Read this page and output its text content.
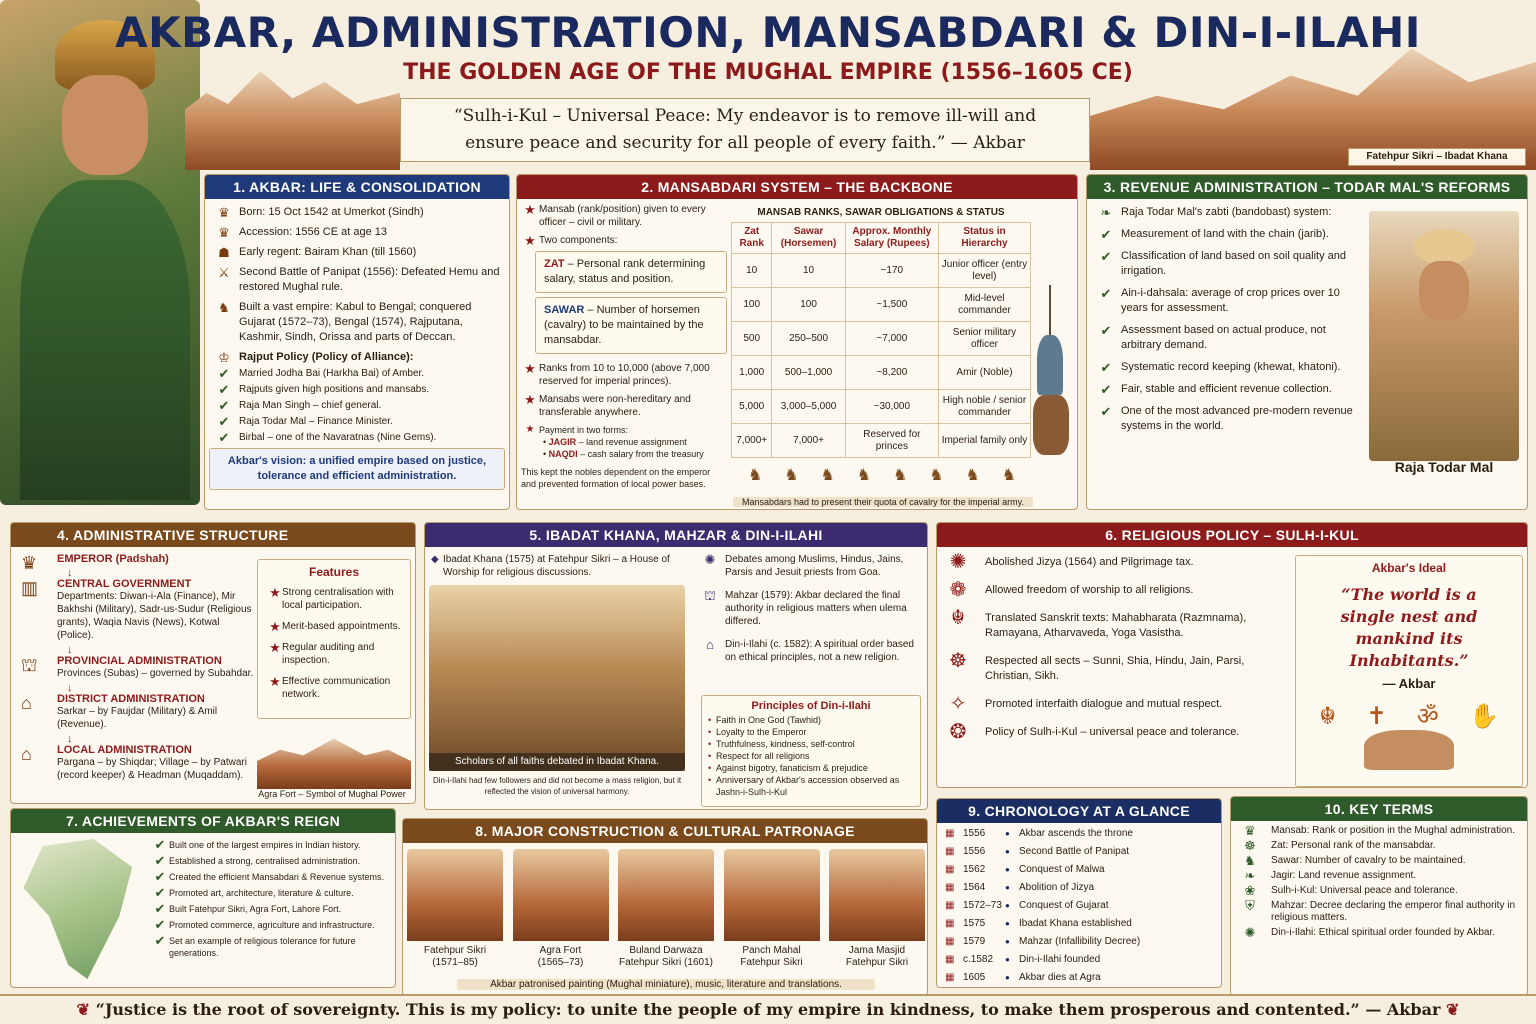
Fatehpur Sikri – Ibadat Khana
AKBAR, ADMINISTRATION, MANSABDARI & DIN-I-ILAHI
THE GOLDEN AGE OF THE MUGHAL EMPIRE (1556–1605 CE)
“Sulh-i-Kul – Universal Peace: My endeavor is to remove ill-will and
ensure peace and security for all people of every faith.” — Akbar
1. AKBAR: LIFE & CONSOLIDATION
♛ Born: 15 Oct 1542 at Umerkot (Sindh)
♛ Accession: 1556 CE at age 13
☗ Early regent: Bairam Khan (till 1560)
⚔ Second Battle of Panipat (1556): Defeated Hemu and restored Mughal rule.
♞ Built a vast empire: Kabul to Bengal; conquered Gujarat (1572–73), Bengal (1574), Rajputana, Kashmir, Sindh, Orissa and parts of Deccan.
♔ Rajput Policy (Policy of Alliance):
✔ Married Jodha Bai (Harkha Bai) of Amber.
✔ Rajputs given high positions and mansabs.
✔ Raja Man Singh – chief general.
✔ Raja Todar Mal – Finance Minister.
✔ Birbal – one of the Navaratnas (Nine Gems).
Akbar's vision: a unified empire based on justice, tolerance and efficient administration.
2. MANSABDARI SYSTEM – THE BACKBONE
★ Mansab (rank/position) given to every officer – civil or military.
★ Two components:
ZAT – Personal rank determining salary, status and position.
SAWAR – Number of horsemen (cavalry) to be maintained by the mansabdar.
★ Ranks from 10 to 10,000 (above 7,000 reserved for imperial princes).
★ Mansabs were non-hereditary and transferable anywhere.
★ Payment in two forms:
• JAGIR – land revenue assignment
• NAQDI – cash salary from the treasury
This kept the nobles dependent on the emperor and prevented formation of local power bases.
MANSAB RANKS, SAWAR OBLIGATIONS & STATUS
Zat Rank	Sawar (Horsemen)	Approx. Monthly Salary (Rupees)	Status in Hierarchy
10	10	~170	Junior officer (entry level)
100	100	~1,500	Mid-level commander
500	250–500	~7,000	Senior military officer
1,000	500–1,000	~8,200	Amir (Noble)
5,000	3,000–5,000	~30,000	High noble / senior commander
7,000+	7,000+	Reserved for princes	Imperial family only
♞ ♞ ♞ ♞ ♞ ♞ ♞ ♞
Mansabdars had to present their quota of cavalry for the imperial army.
3. REVENUE ADMINISTRATION – TODAR MAL'S REFORMS
❧ Raja Todar Mal's zabti (bandobast) system:
✔ Measurement of land with the chain (jarib).
✔ Classification of land based on soil quality and irrigation.
✔ Ain-i-dahsala: average of crop prices over 10 years for assessment.
✔ Assessment based on actual produce, not arbitrary demand.
✔ Systematic record keeping (khewat, khatoni).
✔ Fair, stable and efficient revenue collection.
✔ One of the most advanced pre-modern revenue systems in the world.
Raja Todar Mal
4. ADMINISTRATIVE STRUCTURE
♛ EMPEROR (Padshah)
↓
▥ CENTRAL GOVERNMENT
Departments: Diwan-i-Ala (Finance), Mir Bakhshi (Military), Sadr-us-Sudur (Religious grants), Waqia Navis (News), Kotwal (Police).
↓
⛫ PROVINCIAL ADMINISTRATION
Provinces (Subas) – governed by Subahdar.
↓
⌂ DISTRICT ADMINISTRATION
Sarkar – by Faujdar (Military) & Amil (Revenue).
↓
⌂ LOCAL ADMINISTRATION
Pargana – by Shiqdar; Village – by Patwari (record keeper) & Headman (Muqaddam).
Features
★ Strong centralisation with local participation.
★ Merit-based appointments.
★ Regular auditing and inspection.
★ Effective communication network.
Agra Fort – Symbol of Mughal Power
5. IBADAT KHANA, MAHZAR & DIN-I-ILAHI
◆ Ibadat Khana (1575) at Fatehpur Sikri – a House of Worship for religious discussions.
Scholars of all faiths debated in Ibadat Khana.
Din-i-Ilahi had few followers and did not become a mass religion, but it reflected the vision of universal harmony.
✺ Debates among Muslims, Hindus, Jains, Parsis and Jesuit priests from Goa.
⛫ Mahzar (1579): Akbar declared the final authority in religious matters when ulema differed.
⌂	Din-i-Ilahi (c. 1582): A spiritual order based on ethical principles, not a new religion.
Principles of Din-i-Ilahi
• Faith in One God (Tawhid)
• Loyalty to the Emperor
• Truthfulness, kindness, self-control
• Respect for all religions
• Against bigotry, fanaticism & prejudice
• Anniversary of Akbar's accession observed as Jashn-i-Sulh-i-Kul
6. RELIGIOUS POLICY – SULH-I-KUL
✺ Abolished Jizya (1564) and Pilgrimage tax.
❁ Allowed freedom of worship to all religions.
☬ Translated Sanskrit texts: Mahabharata (Razmnama), Ramayana, Atharvaveda, Yoga Vasistha.
☸ Respected all sects – Sunni, Shia, Hindu, Jain, Parsi, Christian, Sikh.
✧ Promoted interfaith dialogue and mutual respect.
❂ Policy of Sulh-i-Kul – universal peace and tolerance.
Akbar's Ideal
“The world is a single nest and mankind its Inhabitants.”
— Akbar
☬ ✝ ॐ ✋
7. ACHIEVEMENTS OF AKBAR'S REIGN
✔ Built one of the largest empires in Indian history.
✔ Established a strong, centralised administration.
✔ Created the efficient Mansabdari & Revenue systems.
✔ Promoted art, architecture, literature & culture.
✔ Built Fatehpur Sikri, Agra Fort, Lahore Fort.
✔ Promoted commerce, agriculture and infrastructure.
✔ Set an example of religious tolerance for future generations.
8. MAJOR CONSTRUCTION & CULTURAL PATRONAGE
Fatehpur Sikri
(1571–85)
Agra Fort
(1565–73)
Buland Darwaza
Fatehpur Sikri (1601)
Panch Mahal
Fatehpur Sikri
Jama Masjid
Fatehpur Sikri
Akbar patronised painting (Mughal miniature), music, literature and translations.
9. CHRONOLOGY AT A GLANCE
▦ 1556	● Akbar ascends the throne
▦ 1556	● Second Battle of Panipat
▦ 1562	● Conquest of Malwa
▦ 1564	● Abolition of Jizya
▦ 1572–73	● Conquest of Gujarat
▦ 1575	● Ibadat Khana established
▦ 1579	● Mahzar (Infallibility Decree)
▦ c.1582	● Din-i-Ilahi founded
▦ 1605	● Akbar dies at Agra
10. KEY TERMS
♛	Mansab: Rank or position in the Mughal administration.
☸	Zat: Personal rank of the mansabdar.
♞	Sawar: Number of cavalry to be maintained.
❧	Jagir: Land revenue assignment.
❀	Sulh-i-Kul: Universal peace and tolerance.
⛨	Mahzar: Decree declaring the emperor final authority in religious matters.
✺	Din-i-Ilahi: Ethical spiritual order founded by Akbar.
❦ “Justice is the root of sovereignty. This is my policy: to unite the people of my empire in kindness, to make them prosperous and contented.” — Akbar ❦
